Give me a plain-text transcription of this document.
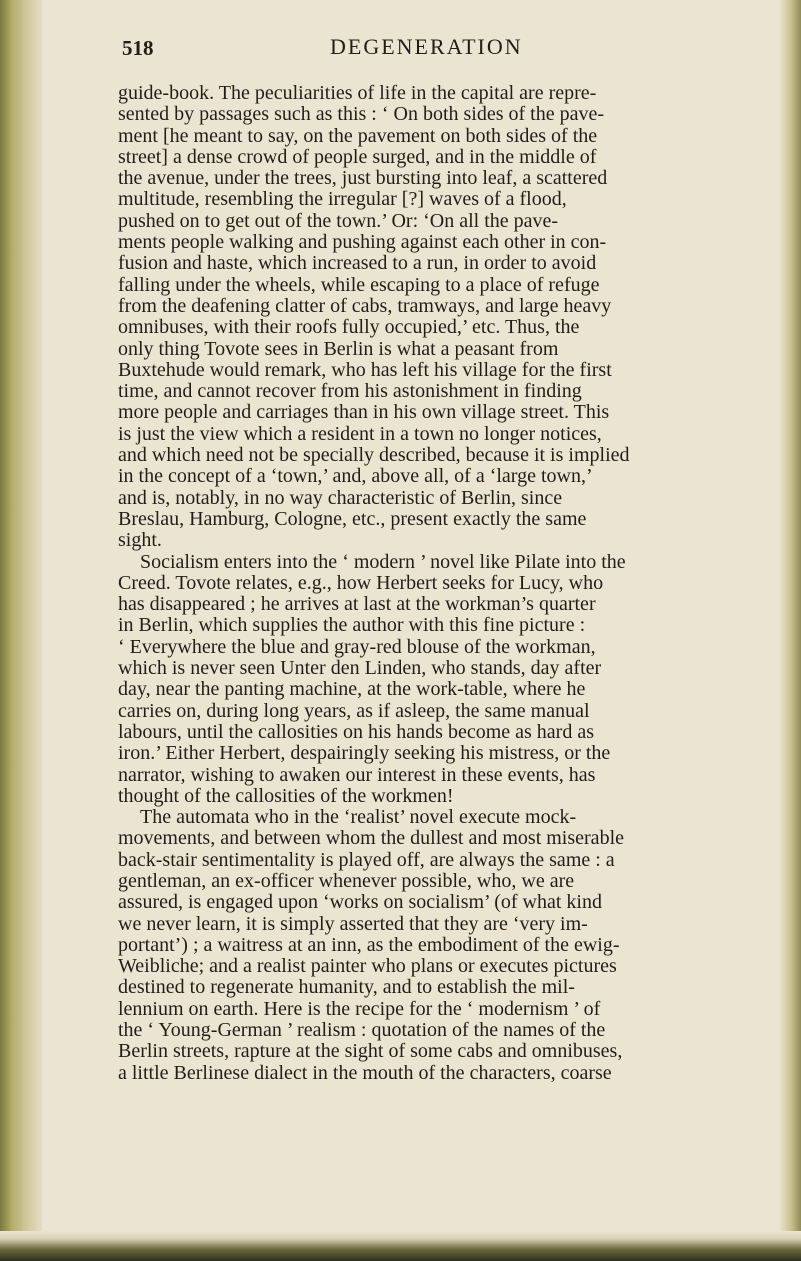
518	DEGENERATION
guide-book. The peculiarities of life in the capital are repre-
sented by passages such as this : ‘ On both sides of the pave-
ment [he meant to say, on the pavement on both sides of the
street] a dense crowd of people surged, and in the middle of
the avenue, under the trees, just bursting into leaf, a scattered
multitude, resembling the irregular [?] waves of a flood,
pushed on to get out of the town.’ Or: ‘On all the pave-
ments people walking and pushing against each other in con-
fusion and haste, which increased to a run, in order to avoid
falling under the wheels, while escaping to a place of refuge
from the deafening clatter of cabs, tramways, and large heavy
omnibuses, with their roofs fully occupied,’ etc. Thus, the
only thing Tovote sees in Berlin is what a peasant from
Buxtehude would remark, who has left his village for the first
time, and cannot recover from his astonishment in finding
more people and carriages than in his own village street. This
is just the view which a resident in a town no longer notices,
and which need not be specially described, because it is implied
in the concept of a ‘town,’ and, above all, of a ‘large town,’
and is, notably, in no way characteristic of Berlin, since
Breslau, Hamburg, Cologne, etc., present exactly the same
sight.
Socialism enters into the ‘ modern ’ novel like Pilate into the
Creed. Tovote relates, e.g., how Herbert seeks for Lucy, who
has disappeared ; he arrives at last at the workman’s quarter
in Berlin, which supplies the author with this fine picture :
‘ Everywhere the blue and gray-red blouse of the workman,
which is never seen Unter den Linden, who stands, day after
day, near the panting machine, at the work-table, where he
carries on, during long years, as if asleep, the same manual
labours, until the callosities on his hands become as hard as
iron.’ Either Herbert, despairingly seeking his mistress, or the
narrator, wishing to awaken our interest in these events, has
thought of the callosities of the workmen!
The automata who in the ‘realist’ novel execute mock-
movements, and between whom the dullest and most miserable
back-stair sentimentality is played off, are always the same : a
gentleman, an ex-officer whenever possible, who, we are
assured, is engaged upon ‘works on socialism’ (of what kind
we never learn, it is simply asserted that they are ‘very im-
portant’) ; a waitress at an inn, as the embodiment of the ewig-
Weibliche; and a realist painter who plans or executes pictures
destined to regenerate humanity, and to establish the mil-
lennium on earth. Here is the recipe for the ‘ modernism ’ of
the ‘ Young-German ’ realism : quotation of the names of the
Berlin streets, rapture at the sight of some cabs and omnibuses,
a little Berlinese dialect in the mouth of the characters, coarse
